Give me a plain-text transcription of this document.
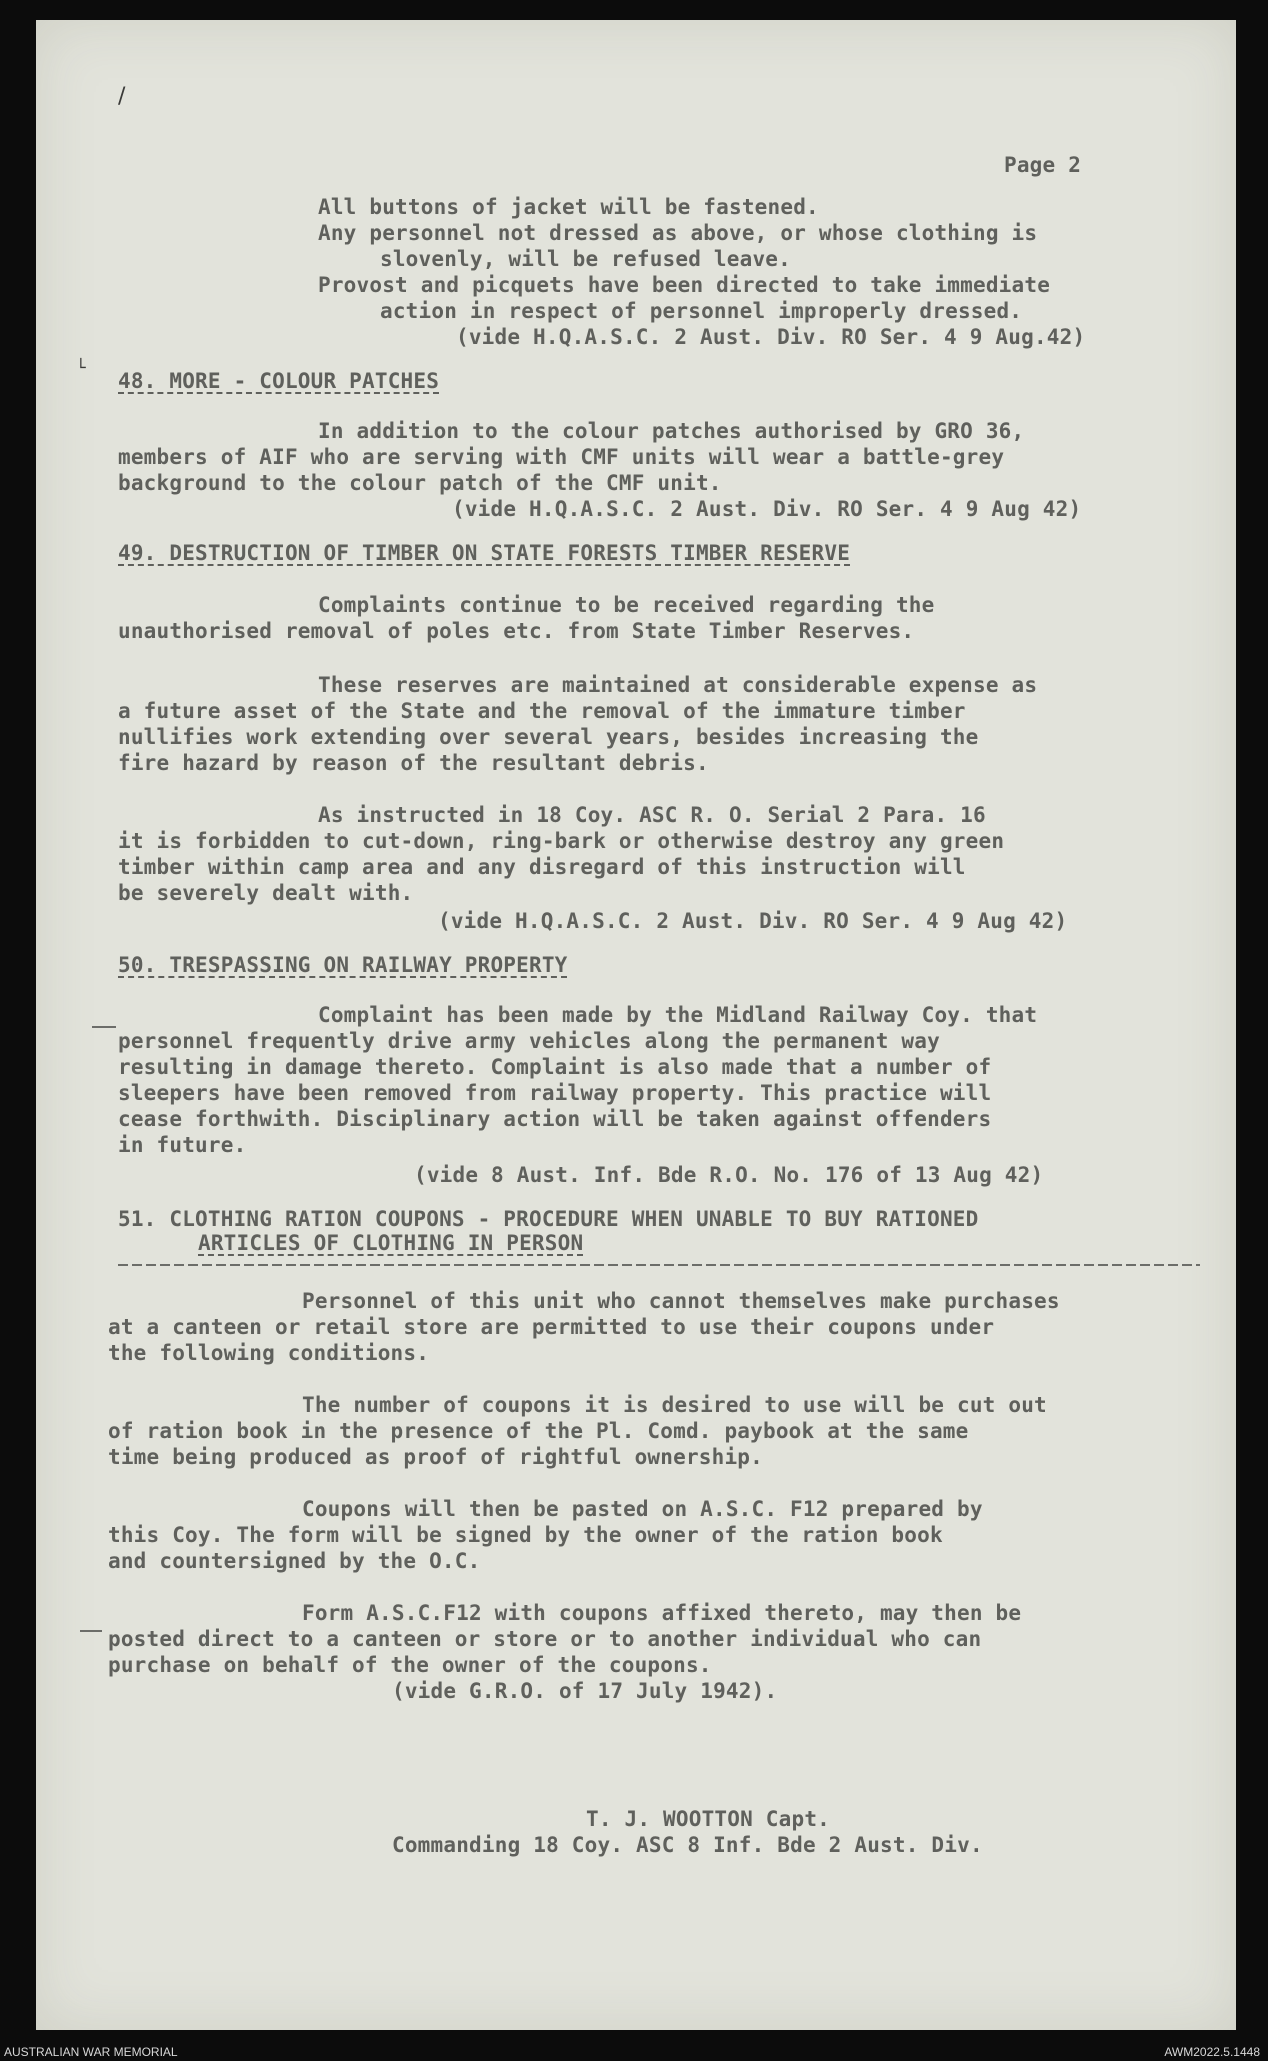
/
└
Page 2
All buttons of jacket will be fastened.
Any personnel not dressed as above, or whose clothing is
slovenly, will be refused leave.
Provost and picquets have been directed to take immediate
action in respect of personnel improperly dressed.
(vide H.Q.A.S.C. 2 Aust. Div. RO Ser. 4 9 Aug.42)
48. MORE - COLOUR PATCHES
In addition to the colour patches authorised by GRO 36,
members of AIF who are serving with CMF units will wear a battle-grey
background to the colour patch of the CMF unit.
(vide H.Q.A.S.C. 2 Aust. Div. RO Ser. 4 9 Aug 42)
49. DESTRUCTION OF TIMBER ON STATE FORESTS TIMBER RESERVE
Complaints continue to be received regarding the
unauthorised removal of poles etc. from State Timber Reserves.
These reserves are maintained at considerable expense as
a future asset of the State and the removal of the immature timber
nullifies work extending over several years, besides increasing the
fire hazard by reason of the resultant debris.
As instructed in 18 Coy. ASC R. O. Serial 2 Para. 16
it is forbidden to cut-down, ring-bark or otherwise destroy any green
timber within camp area and any disregard of this instruction will
be severely dealt with.
(vide H.Q.A.S.C. 2 Aust. Div. RO Ser. 4 9 Aug 42)
50. TRESPASSING ON RAILWAY PROPERTY
Complaint has been made by the Midland Railway Coy. that
personnel frequently drive army vehicles along the permanent way
resulting in damage thereto. Complaint is also made that a number of
sleepers have been removed from railway property. This practice will
cease forthwith. Disciplinary action will be taken against offenders
in future.
(vide 8 Aust. Inf. Bde R.O. No. 176 of 13 Aug 42)
51. CLOTHING RATION COUPONS - PROCEDURE WHEN UNABLE TO BUY RATIONED
ARTICLES OF CLOTHING IN PERSON
Personnel of this unit who cannot themselves make purchases
at a canteen or retail store are permitted to use their coupons under
the following conditions.
The number of coupons it is desired to use will be cut out
of ration book in the presence of the Pl. Comd. paybook at the same
time being produced as proof of rightful ownership.
Coupons will then be pasted on A.S.C. F12 prepared by
this Coy. The form will be signed by the owner of the ration book
and countersigned by the O.C.
Form A.S.C.F12 with coupons affixed thereto, may then be
posted direct to a canteen or store or to another individual who can
purchase on behalf of the owner of the coupons.
(vide G.R.O. of 17 July 1942).
T. J. WOOTTON Capt.
Commanding 18 Coy. ASC 8 Inf. Bde 2 Aust. Div.
AUSTRALIAN WAR MEMORIAL	AWM2022.5.1448
